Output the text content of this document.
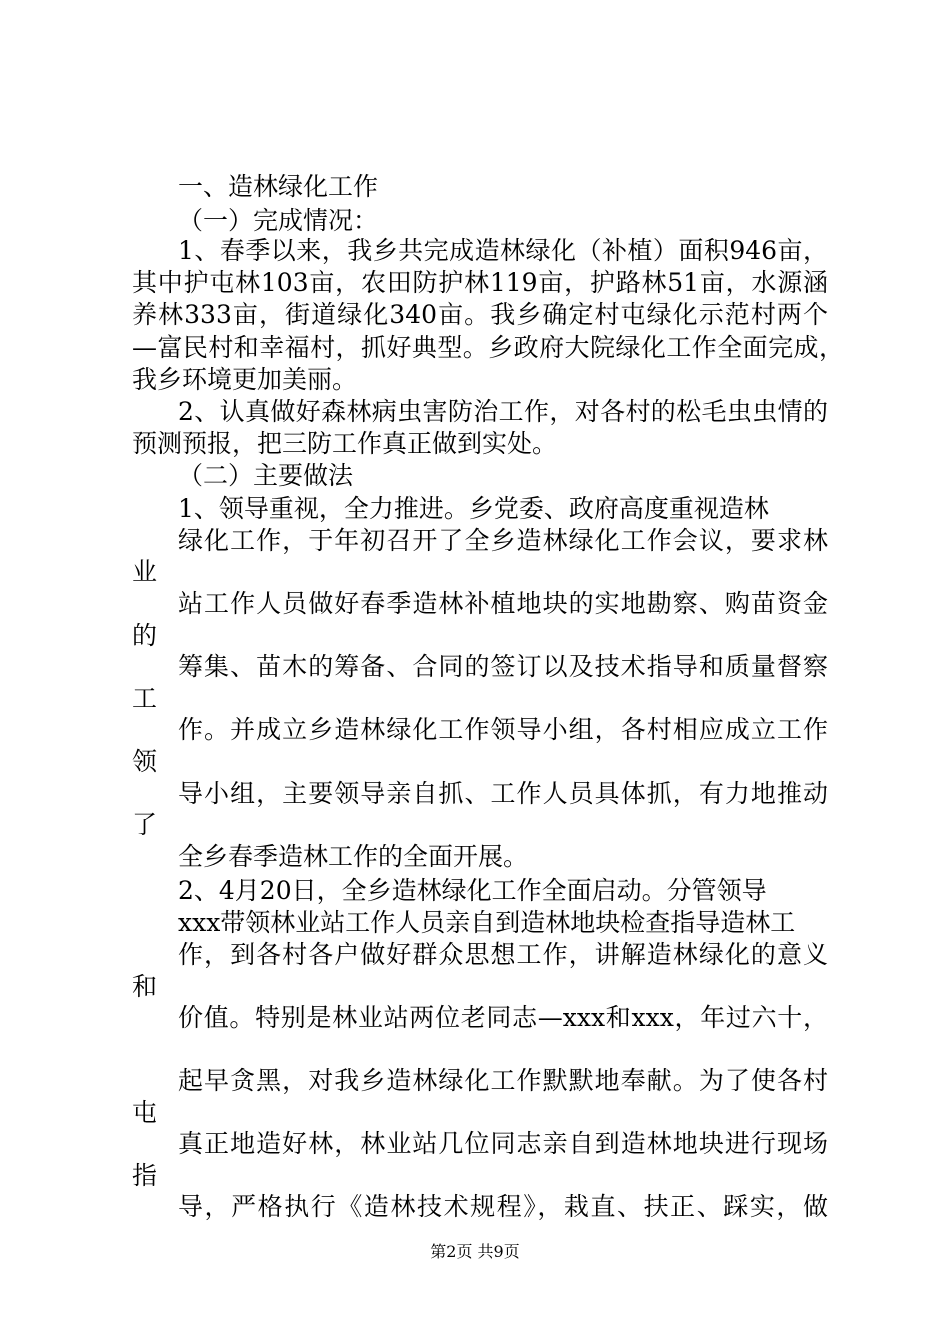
一、造林绿化工作
（一）完成情况：
1、春季以来，我乡共完成造林绿化（补植）面积946亩，
其中护屯林103亩，农田防护林119亩，护路林51亩，水源涵
养林333亩，街道绿化340亩。我乡确定村屯绿化示范村两个
—富民村和幸福村，抓好典型。乡政府大院绿化工作全面完成，
我乡环境更加美丽。
2、认真做好森林病虫害防治工作，对各村的松毛虫虫情的
预测预报，把三防工作真正做到实处。
（二）主要做法
1、领导重视，全力推进。乡党委、政府高度重视造林
绿化工作，于年初召开了全乡造林绿化工作会议，要求林
业
站工作人员做好春季造林补植地块的实地勘察、购苗资金
的
筹集、苗木的筹备、合同的签订以及技术指导和质量督察
工
作。并成立乡造林绿化工作领导小组，各村相应成立工作
领
导小组，主要领导亲自抓、工作人员具体抓，有力地推动
了
全乡春季造林工作的全面开展。
2、4月20日，全乡造林绿化工作全面启动。分管领导
xxx带领林业站工作人员亲自到造林地块检查指导造林工
作，到各村各户做好群众思想工作，讲解造林绿化的意义
和
价值。特别是林业站两位老同志—xxx和xxx，年过六十，
起早贪黑，对我乡造林绿化工作默默地奉献。为了使各村
屯
真正地造好林，林业站几位同志亲自到造林地块进行现场
指
导，严格执行《造林技术规程》，栽直、扶正、踩实，做
第2页 共9页
